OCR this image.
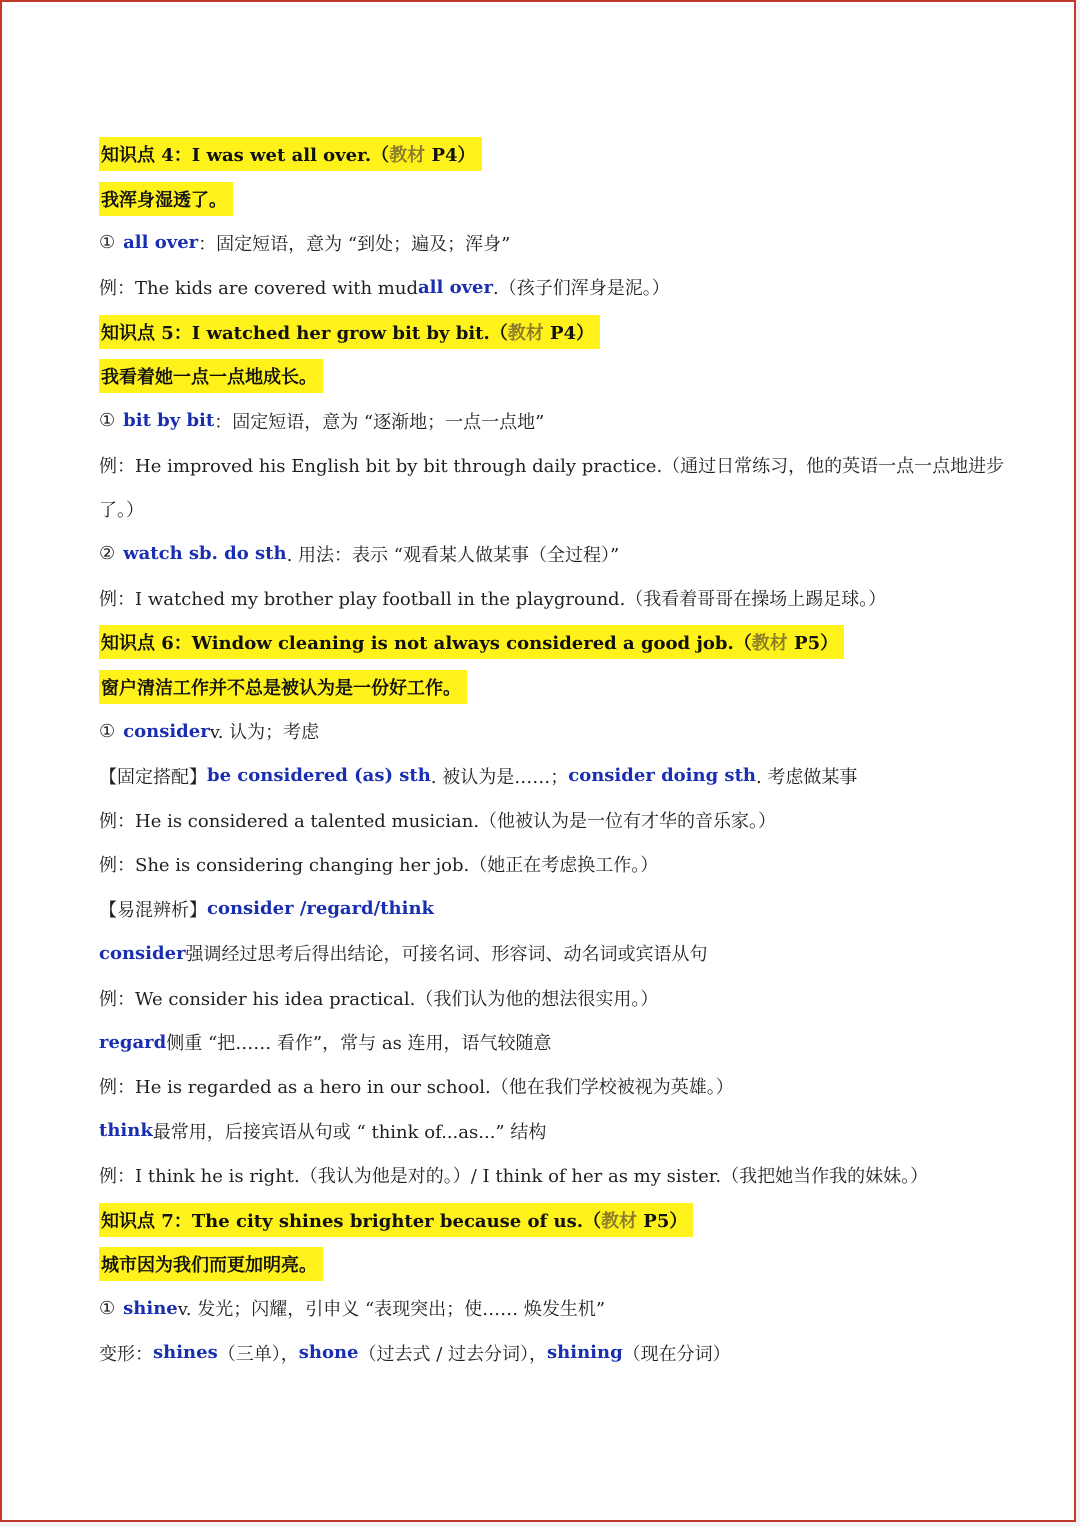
知识点 4：I was wet all over.（教材 P4）
我浑身湿透了。
① all over ：固定短语，意为 “到处；遍及；浑身”
例：The kids are covered with mud all over .（孩子们浑身是泥。）
知识点 5：I watched her grow bit by bit.（教材 P4）
我看着她一点一点地成长。
① bit by bit ：固定短语，意为 “逐渐地；一点一点地”
例：He improved his English bit by bit through daily practice.（通过日常练习，他的英语一点一点地进步
了。）
② watch sb. do sth . 用法：表示 “观看某人做某事（全过程）”
例：I watched my brother play football in the playground.（我看着哥哥在操场上踢足球。）
知识点 6：Window cleaning is not always considered a good job.（教材 P5）
窗户清洁工作并不总是被认为是一份好工作。
① consider v. 认为；考虑
【固定搭配】 be considered (as) sth . 被认为是……； consider doing sth . 考虑做某事
例：He is considered a talented musician.（他被认为是一位有才华的音乐家。）
例：She is considering changing her job.（她正在考虑换工作。）
【易混辨析】 consider /regard/think
consider 强调经过思考后得出结论，可接名词、形容词、动名词或宾语从句
例：We consider his idea practical.（我们认为他的想法很实用。）
regard 侧重 “把…… 看作”，常与 as 连用，语气较随意
例：He is regarded as a hero in our school.（他在我们学校被视为英雄。）
think 最常用，后接宾语从句或 “ think of...as...” 结构
例：I think he is right.（我认为他是对的。）/ I think of her as my sister.（我把她当作我的妹妹。）
知识点 7：The city shines brighter because of us.（教材 P5）
城市因为我们而更加明亮。
① shine v. 发光；闪耀，引申义 “表现突出；使…… 焕发生机”
变形： shines （三单）， shone （过去式 / 过去分词）， shining （现在分词）
